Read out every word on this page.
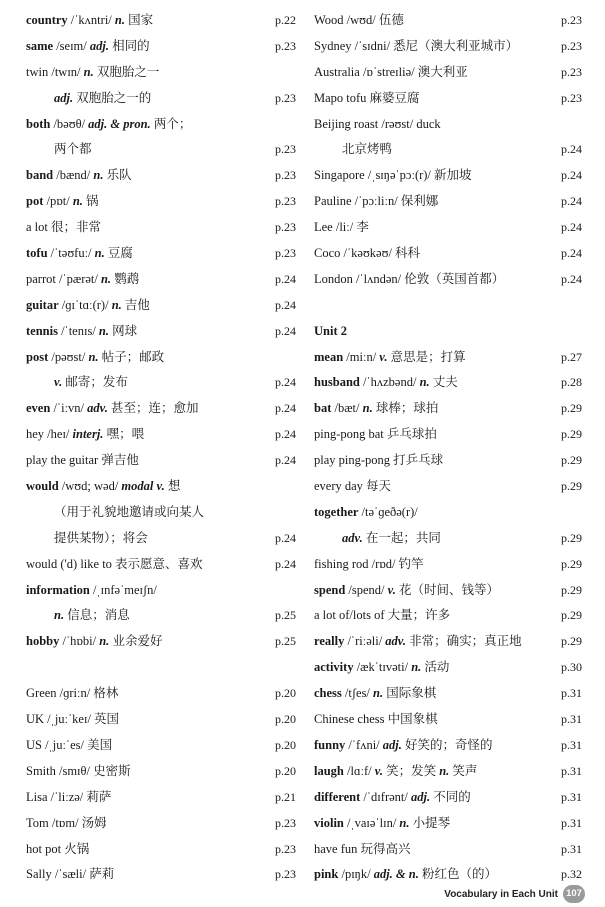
country /ˈkʌntri/ n. 国家	p.22
same /seɪm/ adj. 相同的	p.23
twin /twɪn/ n. 双胞胎之一
adj. 双胞胎之一的	p.23
both /bəʊθ/ adj. & pron. 两个；
两个都	p.23
band /bænd/ n. 乐队	p.23
pot /pɒt/ n. 锅	p.23
a lot 很；非常	p.23
tofu /ˈtəʊfuː/ n. 豆腐	p.23
parrot /ˈpærət/ n. 鹦鹉	p.24
guitar /ɡɪˈtɑː(r)/ n. 吉他	p.24
tennis /ˈtenɪs/ n. 网球	p.24
post /pəʊst/ n. 帖子；邮政
v. 邮寄；发布	p.24
even /ˈiːvn/ adv. 甚至；连；愈加	p.24
hey /heɪ/ interj. 嘿；喂	p.24
play the guitar 弹吉他	p.24
would /wʊd; wəd/ modal v. 想
（用于礼貌地邀请或向某人
提供某物）；将会	p.24
would ('d) like to 表示愿意、喜欢	p.24
information /ˌɪnfəˈmeɪʃn/
n. 信息；消息	p.25
hobby /ˈhɒbi/ n. 业余爱好	p.25
Green /ɡriːn/ 格林	p.20
UK /ˌjuːˈkeɪ/ 英国	p.20
US /ˌjuːˈes/ 美国	p.20
Smith /smɪθ/ 史密斯	p.20
Lisa /ˈliːzə/ 莉萨	p.21
Tom /tɒm/ 汤姆	p.23
hot pot 火锅	p.23
Sally /ˈsæli/ 萨莉	p.23
Wood /wʊd/ 伍德	p.23
Sydney /ˈsɪdni/ 悉尼（澳大利亚城市）	p.23
Australia /ɒˈstreɪliə/ 澳大利亚	p.23
Mapo tofu 麻婆豆腐	p.23
Beijing roast /rəʊst/ duck
北京烤鸭	p.24
Singapore /ˌsɪŋəˈpɔː(r)/ 新加坡	p.24
Pauline /ˈpɔːliːn/ 保利娜	p.24
Lee /liː/ 李	p.24
Coco /ˈkəʊkəʊ/ 科科	p.24
London /ˈlʌndən/ 伦敦（英国首都）	p.24
Unit 2
mean /miːn/ v. 意思是；打算	p.27
husband /ˈhʌzbənd/ n. 丈夫	p.28
bat /bæt/ n. 球棒；球拍	p.29
ping-pong bat 乒乓球拍	p.29
play ping-pong 打乒乓球	p.29
every day 每天	p.29
together /təˈɡeðə(r)/
adv. 在一起；共同	p.29
fishing rod /rɒd/ 钓竿	p.29
spend /spend/ v. 花（时间、钱等）	p.29
a lot of/lots of 大量；许多	p.29
really /ˈriːəli/ adv. 非常；确实；真正地	p.29
activity /ækˈtɪvəti/ n. 活动	p.30
chess /tʃes/ n. 国际象棋	p.31
Chinese chess 中国象棋	p.31
funny /ˈfʌni/ adj. 好笑的；奇怪的	p.31
laugh /lɑːf/ v. 笑；发笑 n. 笑声	p.31
different /ˈdɪfrənt/ adj. 不同的	p.31
violin /ˌvaɪəˈlɪn/ n. 小提琴	p.31
have fun 玩得高兴	p.31
pink /pɪŋk/ adj. & n. 粉红色（的）	p.32
Vocabulary in Each Unit 107
